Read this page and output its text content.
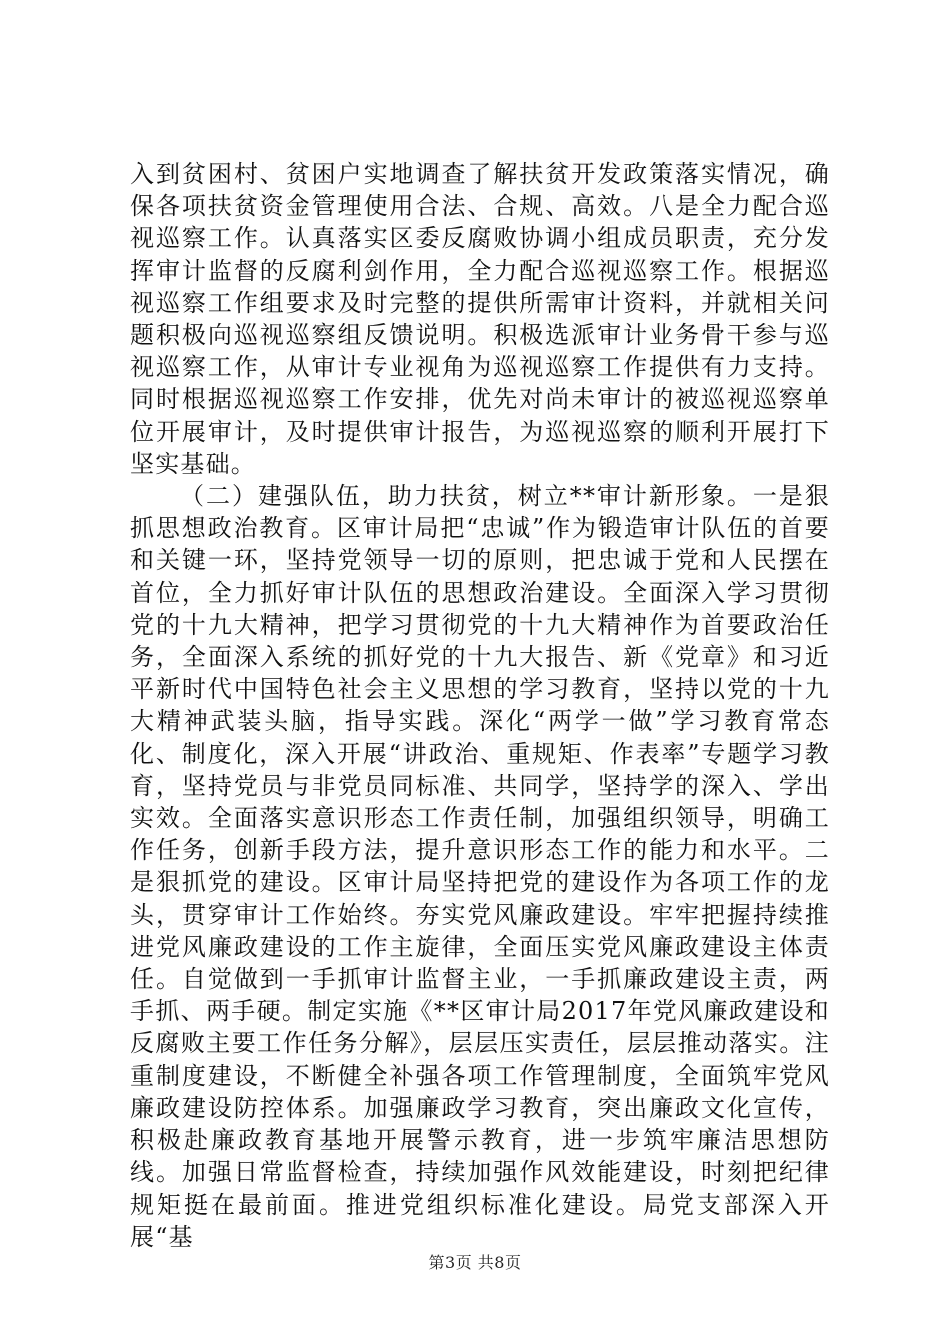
入到贫困村、贫困户实地调查了解扶贫开发政策落实情况，确保各项扶贫资金管理使用合法、合规、高效。八是全力配合巡视巡察工作。认真落实区委反腐败协调小组成员职责，充分发挥审计监督的反腐利剑作用，全力配合巡视巡察工作。根据巡视巡察工作组要求及时完整的提供所需审计资料，并就相关问题积极向巡视巡察组反馈说明。积极选派审计业务骨干参与巡视巡察工作，从审计专业视角为巡视巡察工作提供有力支持。同时根据巡视巡察工作安排，优先对尚未审计的被巡视巡察单位开展审计，及时提供审计报告，为巡视巡察的顺利开展打下坚实基础。

（二）建强队伍，助力扶贫，树立**审计新形象。一是狠抓思想政治教育。区审计局把“忠诚”作为锻造审计队伍的首要和关键一环，坚持党领导一切的原则，把忠诚于党和人民摆在首位，全力抓好审计队伍的思想政治建设。全面深入学习贯彻党的十九大精神，把学习贯彻党的十九大精神作为首要政治任务，全面深入系统的抓好党的十九大报告、新《党章》和习近平新时代中国特色社会主义思想的学习教育，坚持以党的十九大精神武装头脑，指导实践。深化“两学一做”学习教育常态化、制度化，深入开展“讲政治、重规矩、作表率”专题学习教育，坚持党员与非党员同标准、共同学，坚持学的深入、学出实效。全面落实意识形态工作责任制，加强组织领导，明确工作任务，创新手段方法，提升意识形态工作的能力和水平。二是狠抓党的建设。区审计局坚持把党的建设作为各项工作的龙头，贯穿审计工作始终。夯实党风廉政建设。牢牢把握持续推进党风廉政建设的工作主旋律，全面压实党风廉政建设主体责任。自觉做到一手抓审计监督主业，一手抓廉政建设主责，两手抓、两手硬。制定实施《**区审计局2017年党风廉政建设和反腐败主要工作任务分解》，层层压实责任，层层推动落实。注重制度建设，不断健全补强各项工作管理制度，全面筑牢党风廉政建设防控体系。加强廉政学习教育，突出廉政文化宣传，积极赴廉政教育基地开展警示教育，进一步筑牢廉洁思想防线。加强日常监督检查，持续加强作风效能建设，时刻把纪律规矩挺在最前面。推进党组织标准化建设。局党支部深入开展“基

第3页 共8页
